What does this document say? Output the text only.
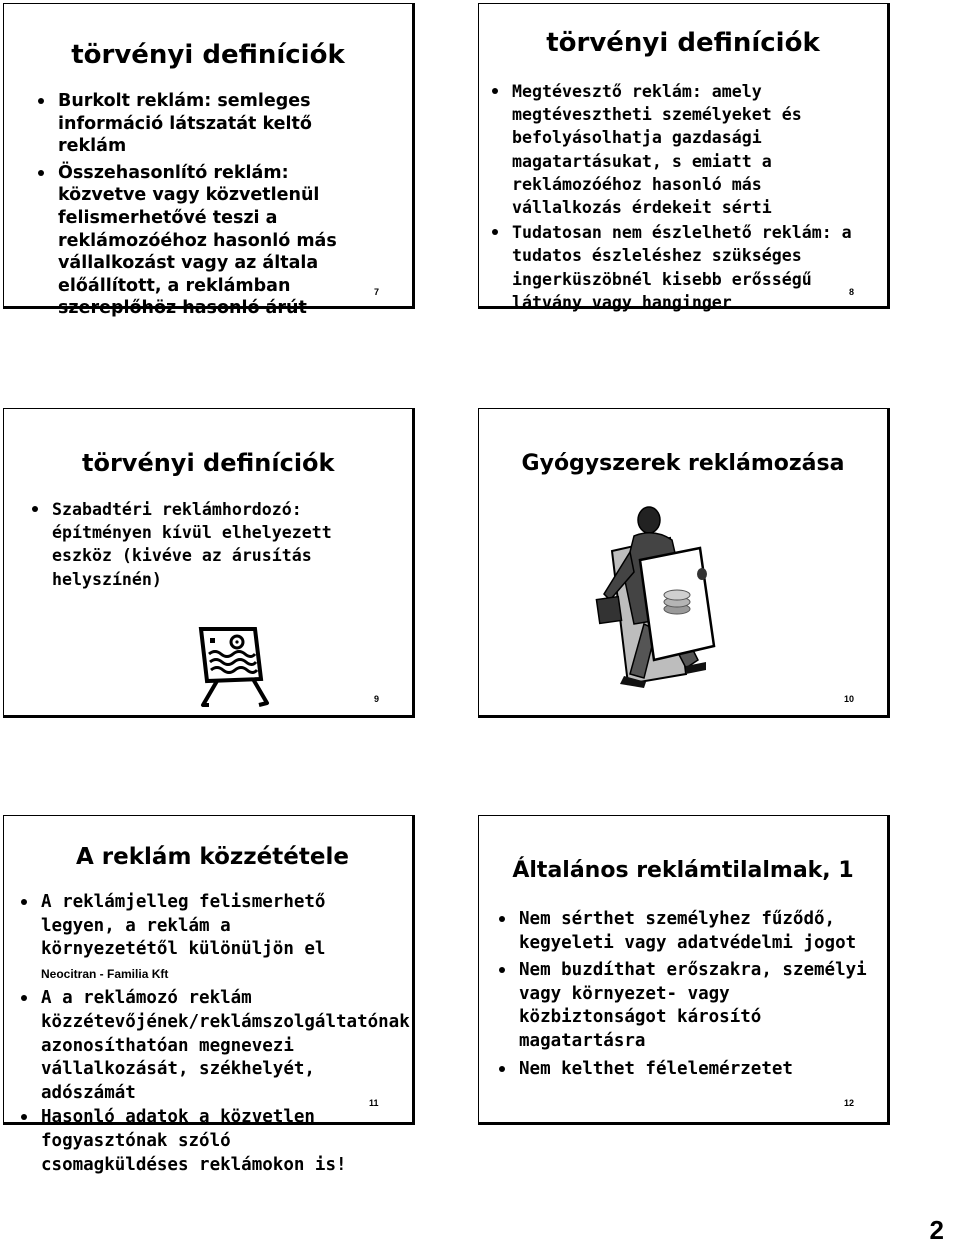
törvényi definíciók
Burkolt reklám: semleges információ látszatát keltő reklám
Összehasonlító reklám: közvetve vagy közvetlenül felismerhetővé teszi a reklámozóéhoz hasonló más vállalkozást vagy az általa előállított, a reklámban szereplőhöz hasonló árút
7
törvényi definíciók
Megtévesztő reklám: amely megtévesztheti személyeket és befolyásolhatja gazdasági magatartásukat, s emiatt a reklámozóéhoz hasonló más vállalkozás érdekeit sérti
Tudatosan nem észlelhető reklám: a tudatos észleléshez szükséges ingerküszöbnél kisebb erősségű látvány vagy hanginger
8
törvényi definíciók
Szabadtéri reklámhordozó: építményen kívül elhelyezett eszköz (kivéve az árusítás helyszínén)
9
Gyógyszerek reklámozása
10
A reklám közzététele
A reklámjelleg felismerhető legyen, a reklám a környezetétől különüljön el Neocitran - Familia Kft
A a reklámozó reklám közzétevőjének/reklámszolgáltatónak azonosíthatóan megnevezi vállalkozását, székhelyét, adószámát
Hasonló adatok a közvetlen fogyasztónak szóló csomagküldéses reklámokon is!
11
Általános reklámtilalmak, 1
Nem sérthet személyhez fűződő, kegyeleti vagy adatvédelmi jogot
Nem buzdíthat erőszakra, személyi vagy környezet- vagy közbiztonságot károsító magatartásra
Nem kelthet félelemérzetet
12
2
